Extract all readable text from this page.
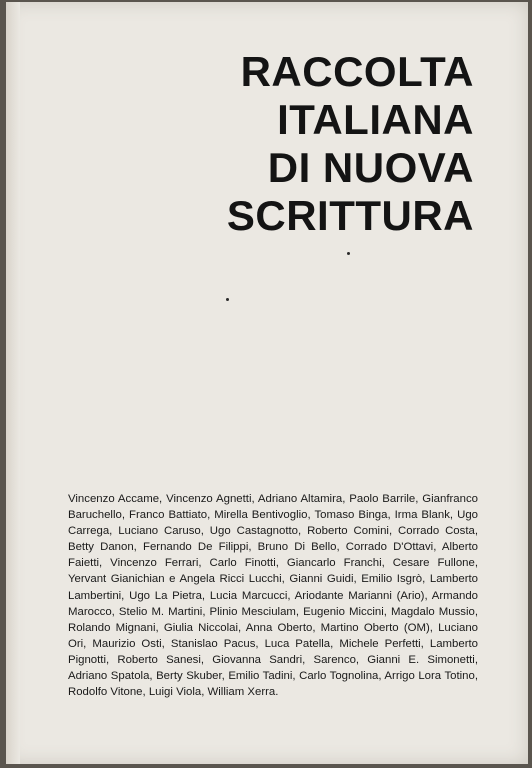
RACCOLTA
ITALIANA
DI NUOVA
SCRITTURA

Vincenzo Accame, Vincenzo Agnetti, Adriano Altamira, Paolo Barrile, Gianfranco Baruchello, Franco Battiato, Mirella Bentivoglio, Tomaso Binga, Irma Blank, Ugo Carrega, Luciano Caruso, Ugo Castagnotto, Roberto Comini, Corrado Costa, Betty Danon, Fernando De Filippi, Bruno Di Bello, Corrado D'Ottavi, Alberto Faietti, Vincenzo Ferrari, Carlo Finotti, Giancarlo Franchi, Cesare Fullone, Yervant Gianichian e Angela Ricci Lucchi, Gianni Guidi, Emilio Isgrò, Lamberto Lambertini, Ugo La Pietra, Lucia Marcucci, Ariodante Marianni (Ario), Armando Marocco, Stelio M. Martini, Plinio Mesciulam, Eugenio Miccini, Magdalo Mussio, Rolando Mignani, Giulia Niccolai, Anna Oberto, Martino Oberto (OM), Luciano Ori, Maurizio Osti, Stanislao Pacus, Luca Patella, Michele Perfetti, Lamberto Pignotti, Roberto Sanesi, Giovanna Sandri, Sarenco, Gianni E. Simonetti, Adriano Spatola, Berty Skuber, Emilio Tadini, Carlo Tognolina, Arrigo Lora Totino, Rodolfo Vitone, Luigi Viola, William Xerra.
